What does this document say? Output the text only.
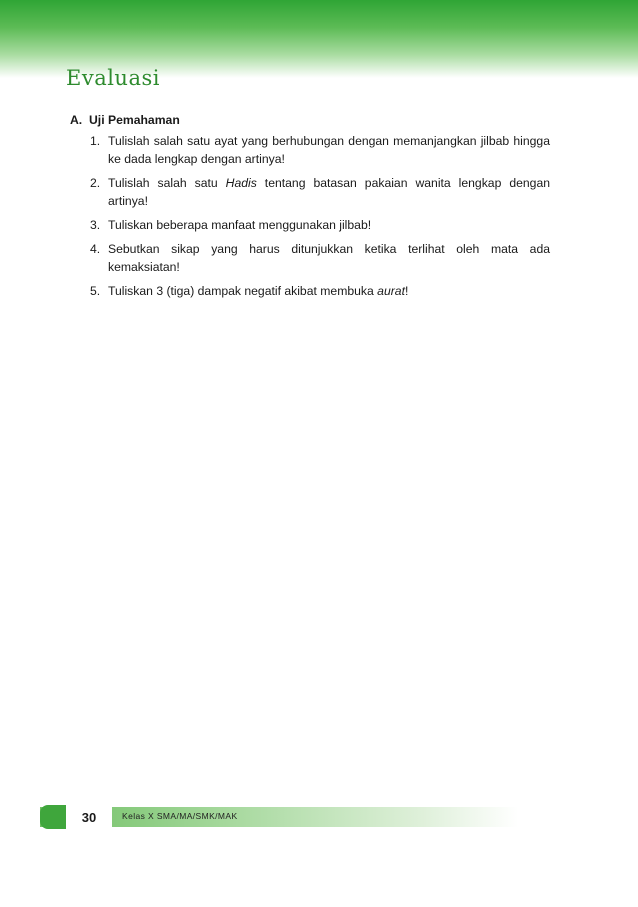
Evaluasi
A. Uji Pemahaman
1. Tulislah salah satu ayat yang berhubungan dengan memanjangkan jilbab hingga ke dada lengkap dengan artinya!
2. Tulislah salah satu Hadis tentang batasan pakaian wanita lengkap dengan artinya!
3. Tuliskan beberapa manfaat menggunakan jilbab!
4. Sebutkan sikap yang harus ditunjukkan ketika terlihat oleh mata ada kemaksiatan!
5. Tuliskan 3 (tiga) dampak negatif akibat membuka aurat!
30	Kelas X SMA/MA/SMK/MAK
